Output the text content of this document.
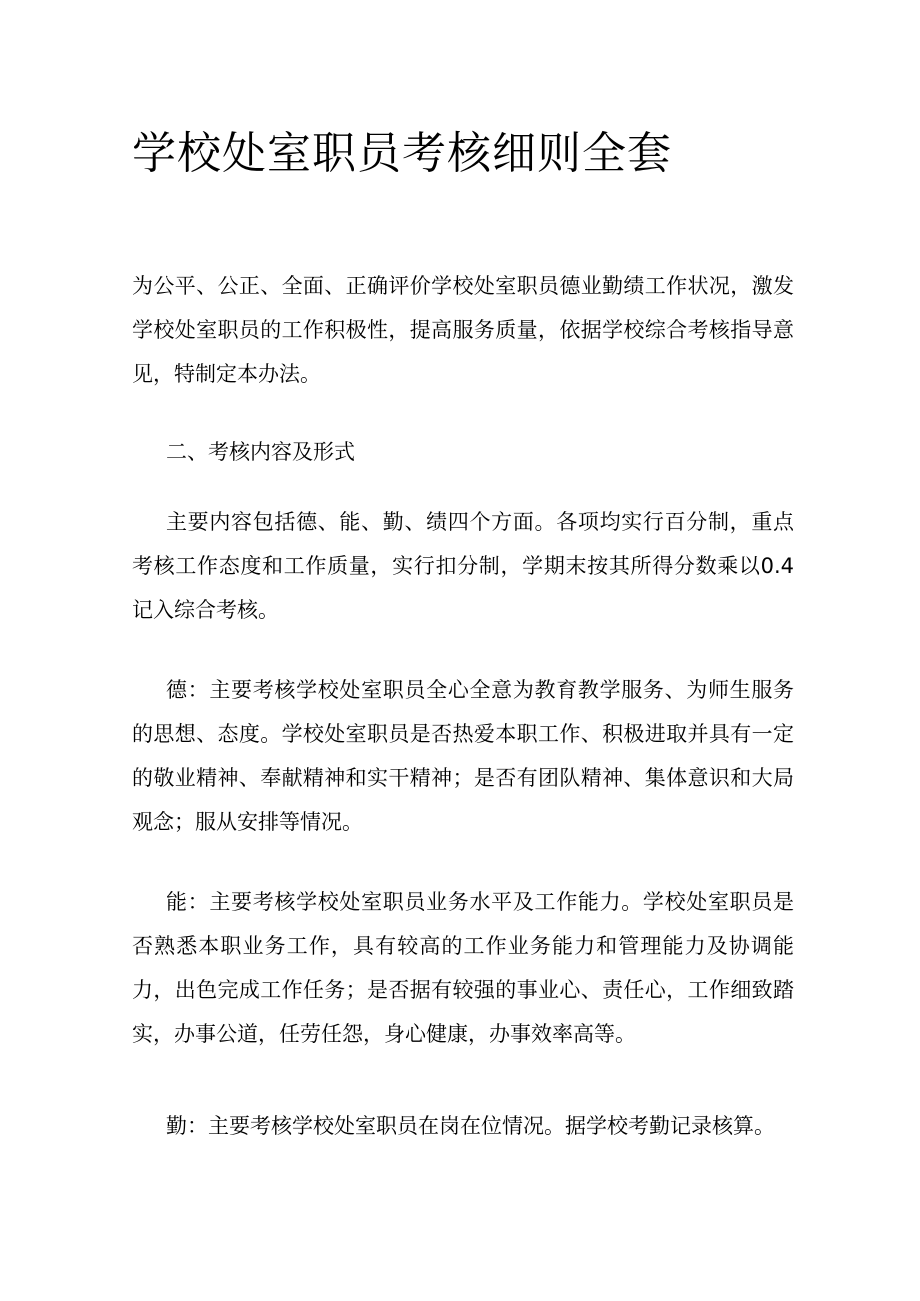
学校处室职员考核细则全套

为公平、公正、全面、正确评价学校处室职员德业勤绩工作状况，激发学校处室职员的工作积极性，提高服务质量，依据学校综合考核指导意见，特制定本办法。

二、考核内容及形式

主要内容包括德、能、勤、绩四个方面。各项均实行百分制，重点考核工作态度和工作质量，实行扣分制，学期末按其所得分数乘以0.4记入综合考核。

德：主要考核学校处室职员全心全意为教育教学服务、为师生服务的思想、态度。学校处室职员是否热爱本职工作、积极进取并具有一定的敬业精神、奉献精神和实干精神；是否有团队精神、集体意识和大局观念；服从安排等情况。

能：主要考核学校处室职员业务水平及工作能力。学校处室职员是否熟悉本职业务工作，具有较高的工作业务能力和管理能力及协调能力，出色完成工作任务；是否据有较强的事业心、责任心，工作细致踏实，办事公道，任劳任怨，身心健康，办事效率高等。

勤：主要考核学校处室职员在岗在位情况。据学校考勤记录核算。
